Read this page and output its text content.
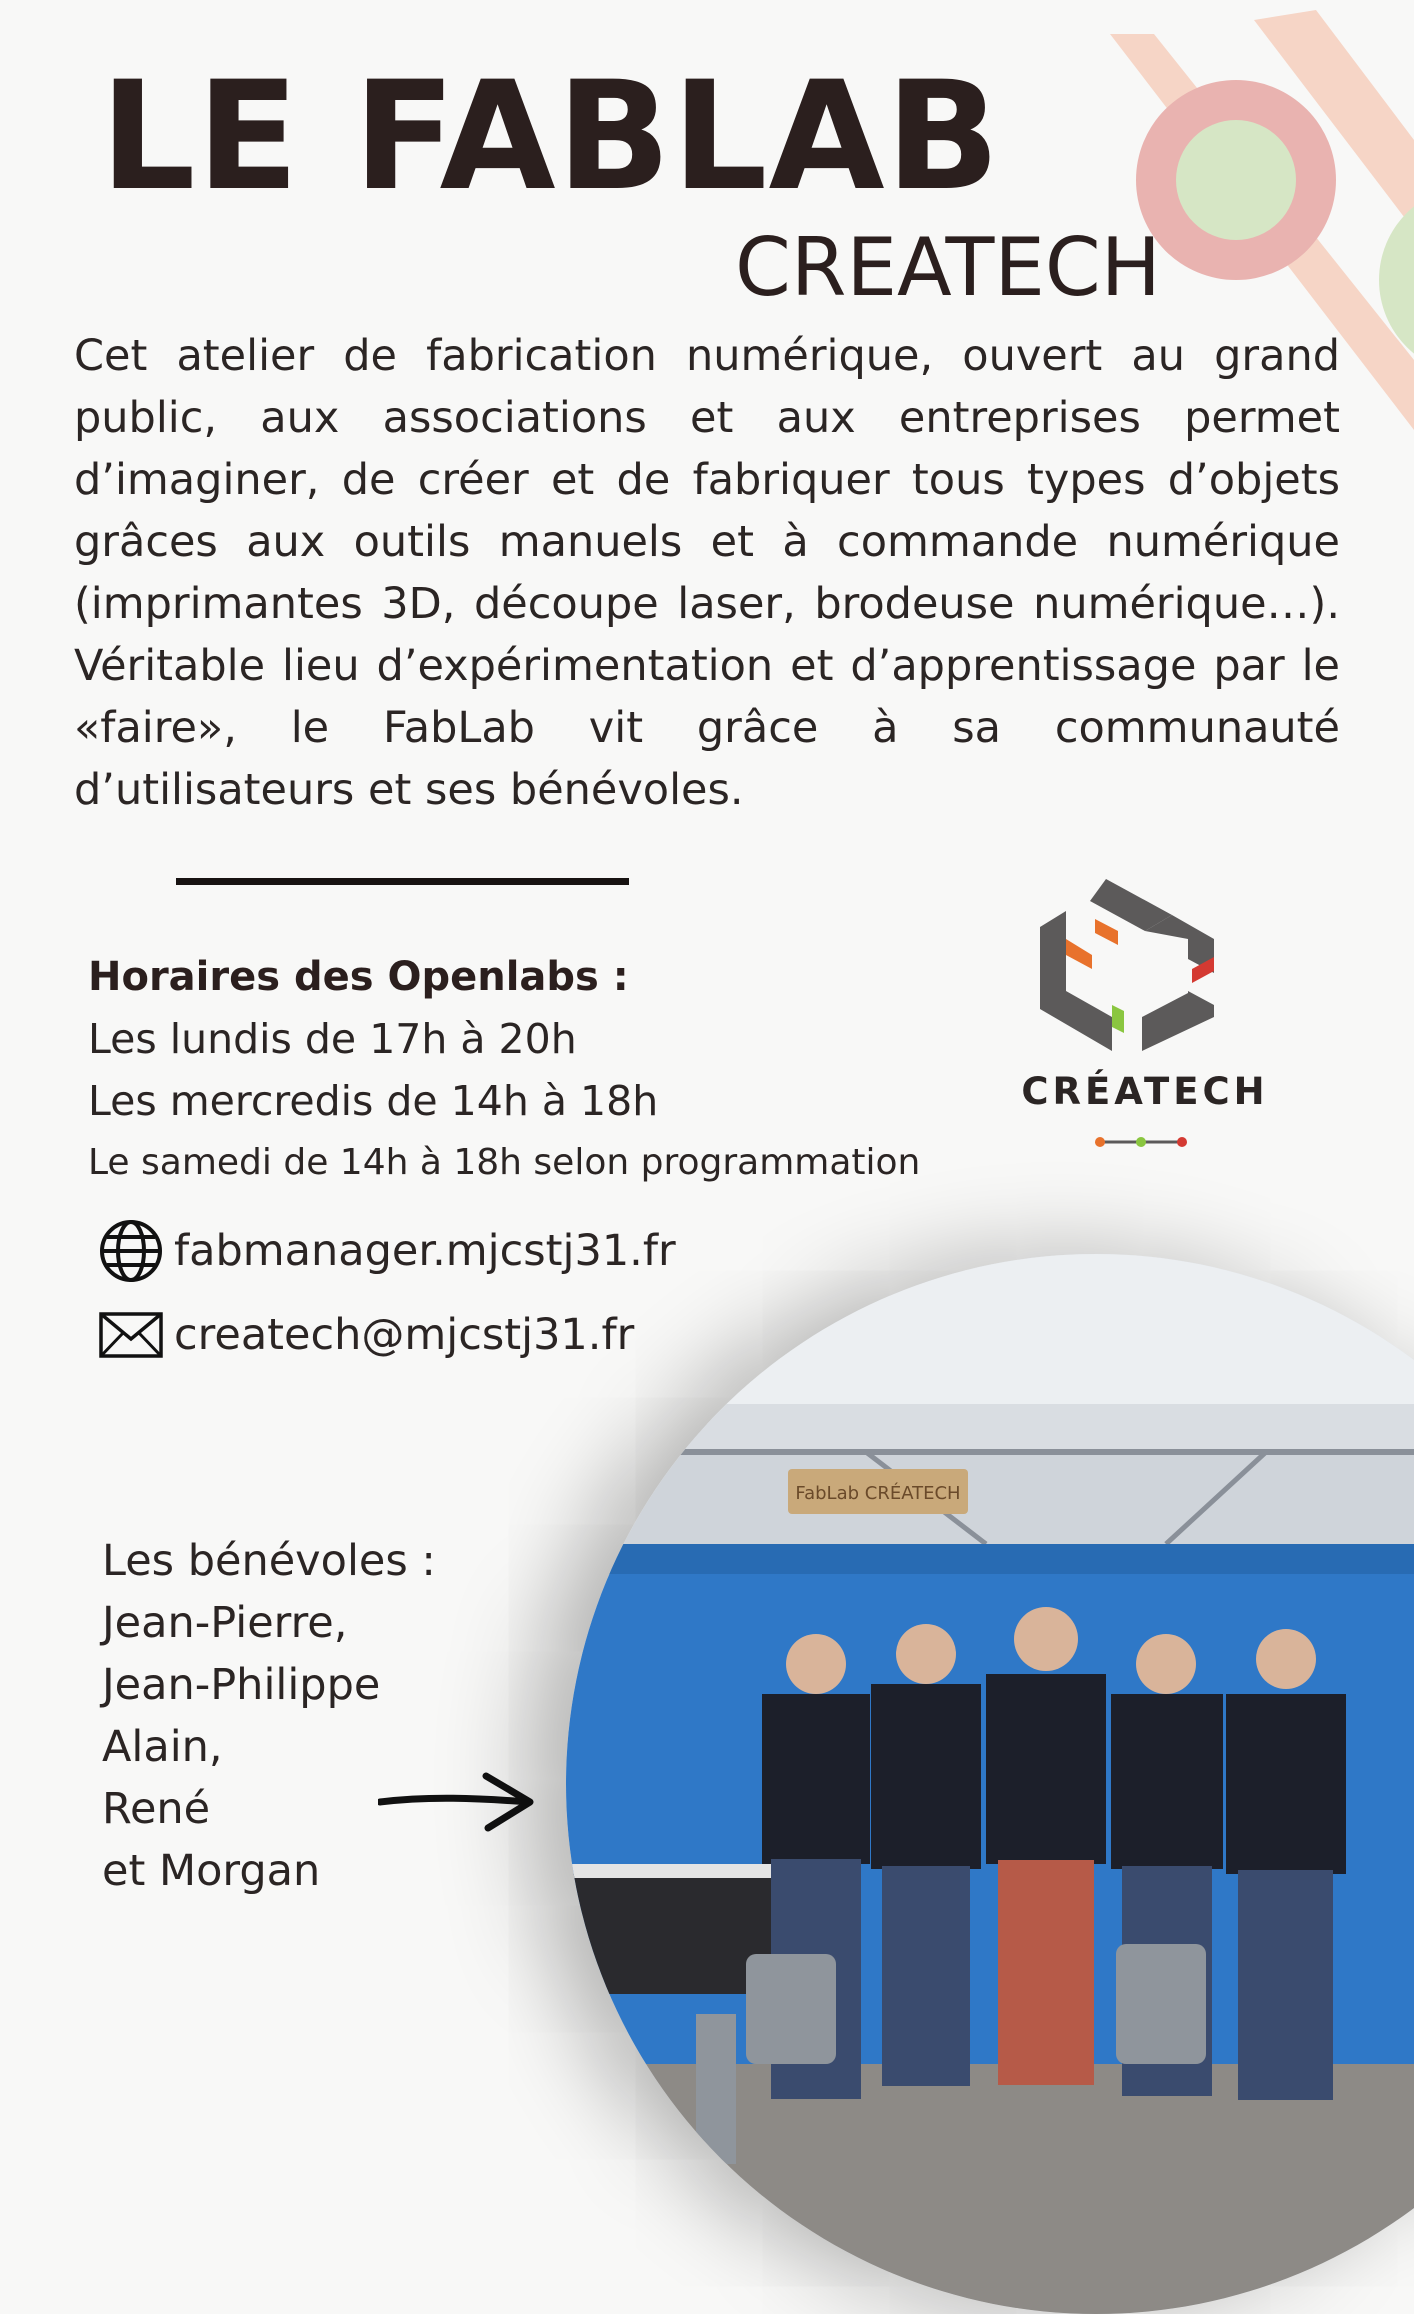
LE FABLAB
CREATECH

Cet atelier de fabrication numérique, ouvert au grand public, aux associations et aux entreprises permet d’imaginer, de créer et de fabriquer tous types d’objets grâces aux outils manuels et à commande numérique (imprimantes 3D, découpe laser, brodeuse numérique…). Véritable lieu d’expérimentation et d’apprentissage par le «faire», le FabLab vit grâce à sa communauté d’utilisateurs et ses bénévoles.

Horaires des Openlabs :
Les lundis de 17h à 20h
Les mercredis de 14h à 18h
Le samedi de 14h à 18h selon programmation
CRÉATECH
fabmanager.mjcstj31.fr
createch@mjcstj31.fr
Les bénévoles :
Jean-Pierre,
Jean-Philippe
Alain,
René
et Morgan
FabLab CRÉATECH
